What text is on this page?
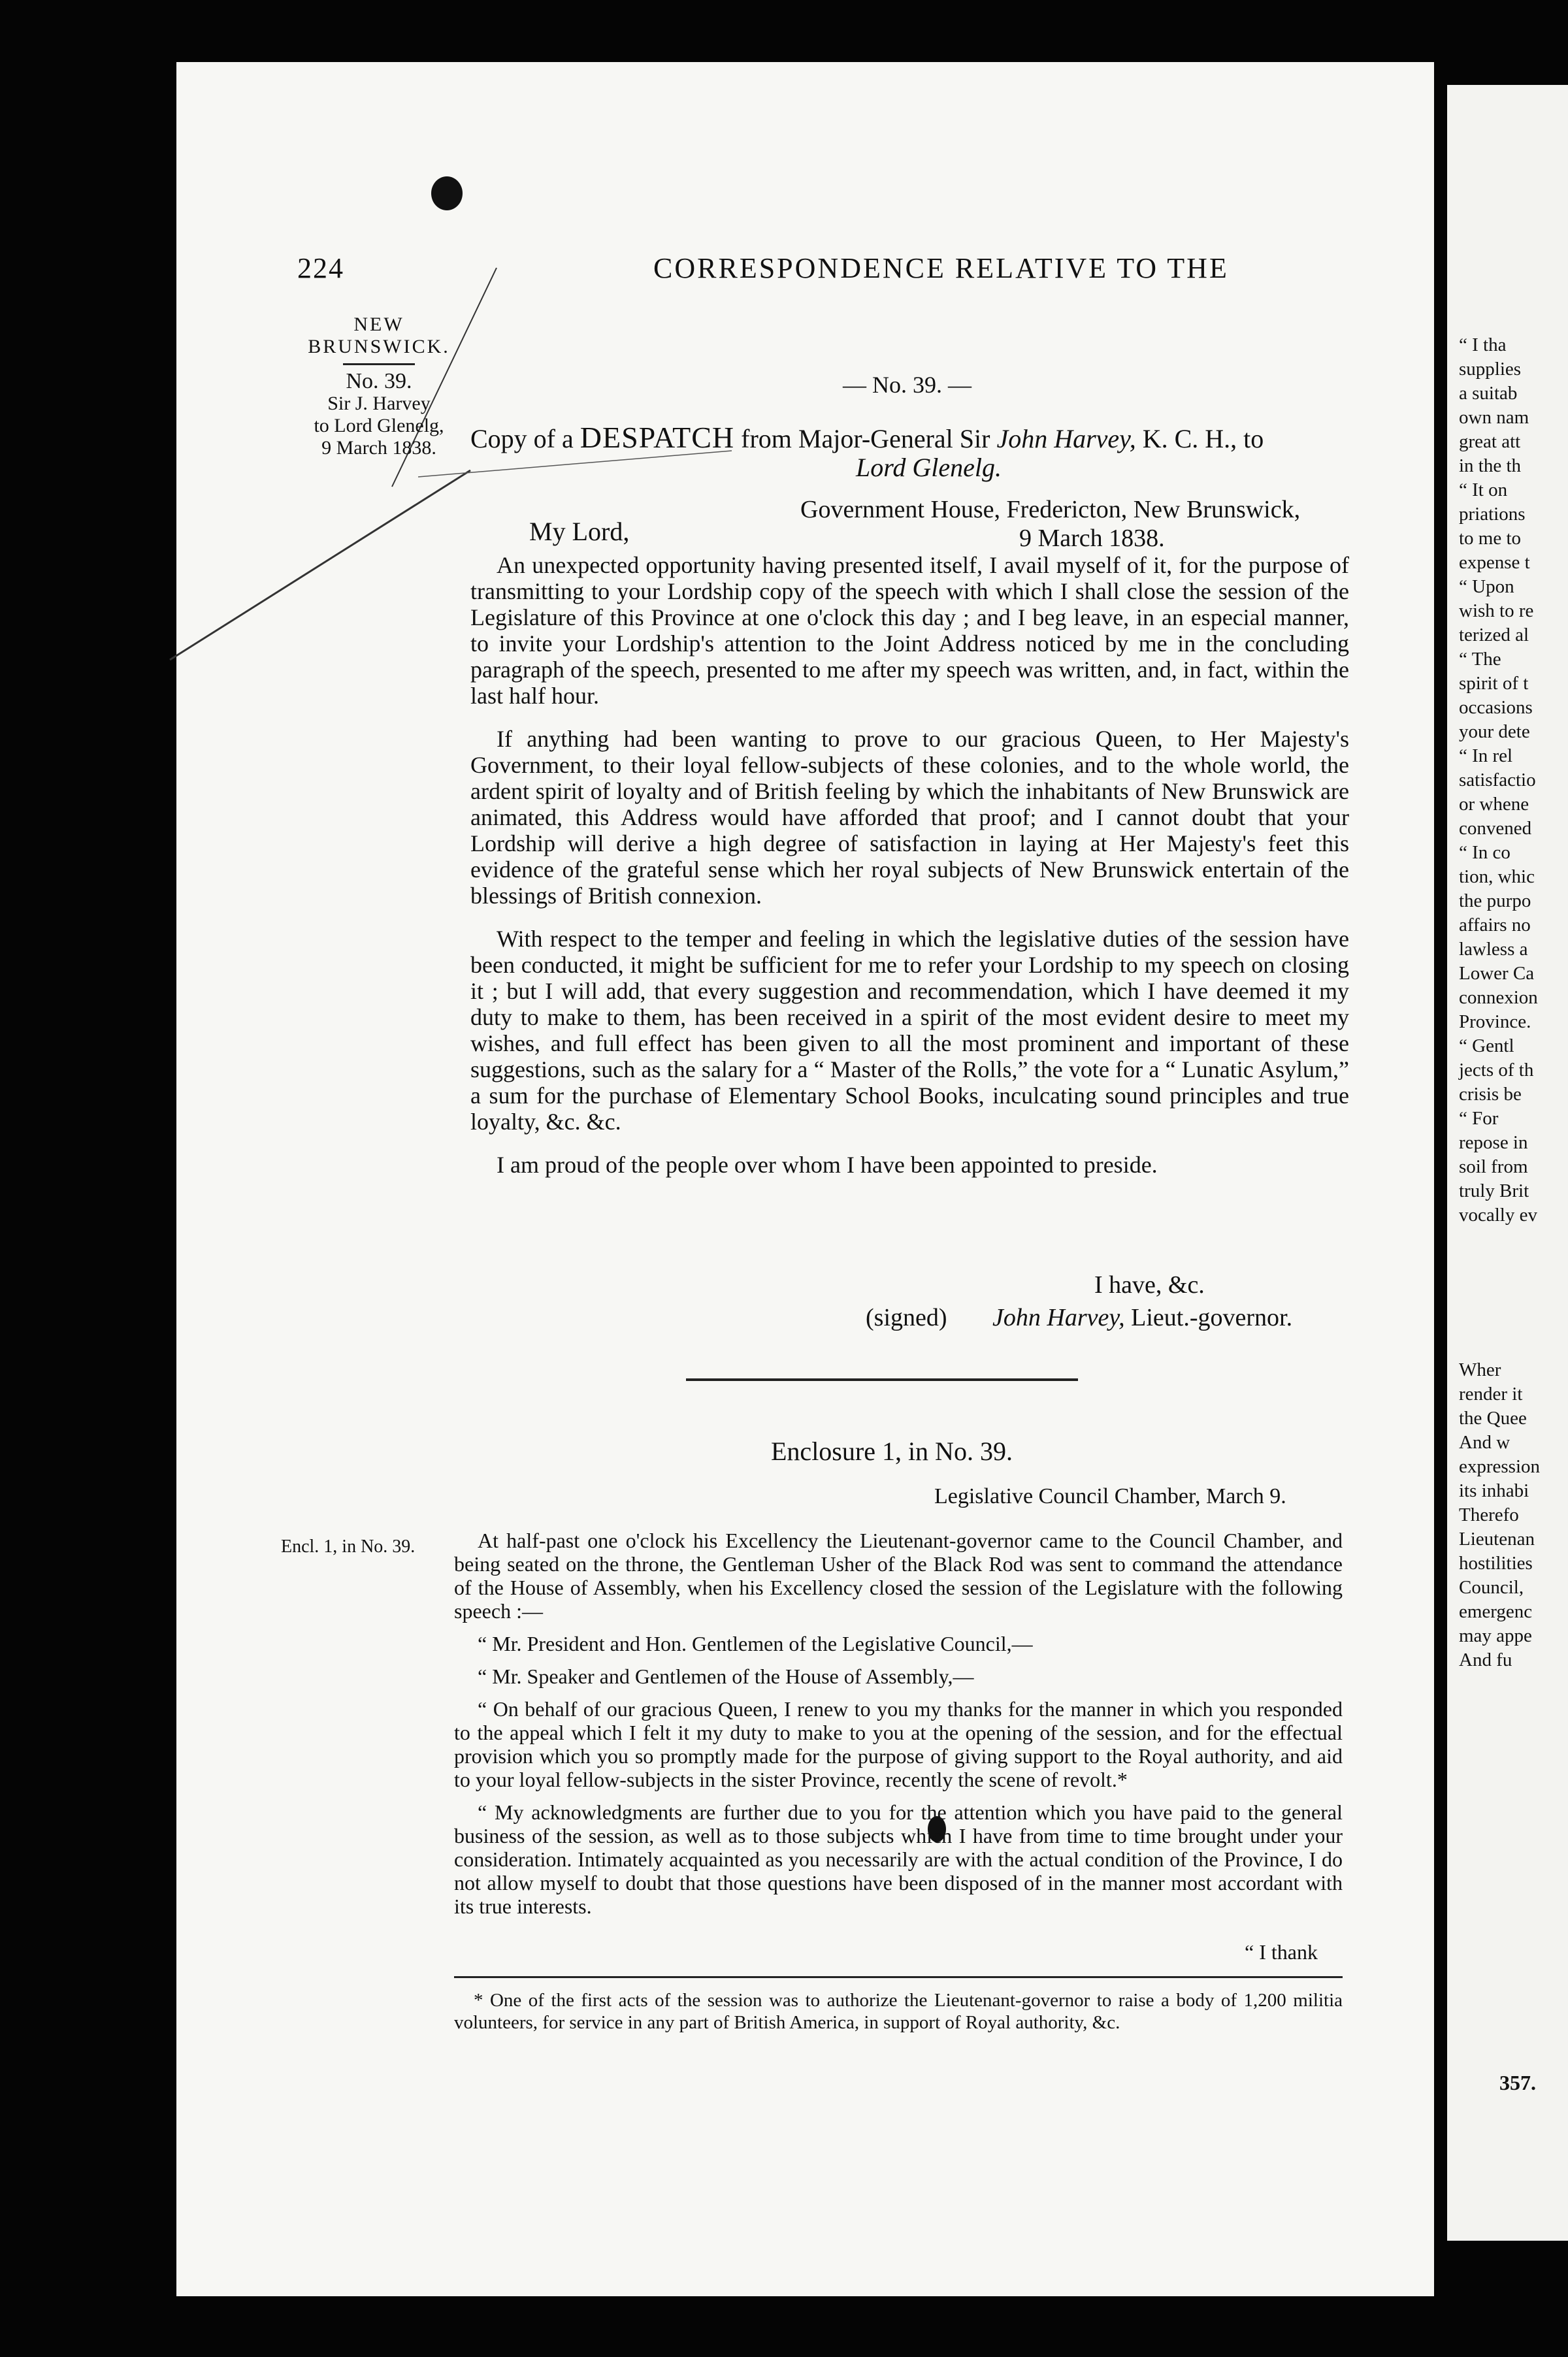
224	CORRESPONDENCE RELATIVE TO THE
NEW BRUNSWICK.
No. 39.
Sir J. Harvey
to Lord Glenelg,
9 March 1838.
— No. 39. —
Copy of a DESPATCH from Major-General Sir John Harvey, K. C. H., to
Lord Glenelg.
Government House, Fredericton, New Brunswick,
My Lord,	9 March 1838.

An unexpected opportunity having presented itself, I avail myself of it, for the purpose of transmitting to your Lordship copy of the speech with which I shall close the session of the Legislature of this Province at one o'clock this day ; and I beg leave, in an especial manner, to invite your Lordship's attention to the Joint Address noticed by me in the concluding paragraph of the speech, presented to me after my speech was written, and, in fact, within the last half hour.

If anything had been wanting to prove to our gracious Queen, to Her Majesty's Government, to their loyal fellow-subjects of these colonies, and to the whole world, the ardent spirit of loyalty and of British feeling by which the inhabitants of New Brunswick are animated, this Address would have afforded that proof; and I cannot doubt that your Lordship will derive a high degree of satisfaction in laying at Her Majesty's feet this evidence of the grateful sense which her royal subjects of New Brunswick entertain of the blessings of British connexion.

With respect to the temper and feeling in which the legislative duties of the session have been conducted, it might be sufficient for me to refer your Lordship to my speech on closing it ; but I will add, that every suggestion and recommendation, which I have deemed it my duty to make to them, has been received in a spirit of the most evident desire to meet my wishes, and full effect has been given to all the most prominent and important of these suggestions, such as the salary for a “ Master of the Rolls,” the vote for a “ Lunatic Asylum,” a sum for the purchase of Elementary School Books, inculcating sound principles and true loyalty, &c. &c.

I am proud of the people over whom I have been appointed to preside.

I have, &c.
(signed) John Harvey, Lieut.-governor.
Enclosure 1, in No. 39.
Legislative Council Chamber, March 9.
Encl. 1, in No. 39.	At half-past one o'clock his Excellency the Lieutenant-governor came to the Council Chamber, and being seated on the throne, the Gentleman Usher of the Black Rod was sent to command the attendance of the House of Assembly, when his Excellency closed the session of the Legislature with the following speech :—

“ Mr. President and Hon. Gentlemen of the Legislative Council,—

“ Mr. Speaker and Gentlemen of the House of Assembly,—

“ On behalf of our gracious Queen, I renew to you my thanks for the manner in which you responded to the appeal which I felt it my duty to make to you at the opening of the session, and for the effectual provision which you so promptly made for the purpose of giving support to the Royal authority, and aid to your loyal fellow-subjects in the sister Province, recently the scene of revolt.*

“ My acknowledgments are further due to you for the attention which you have paid to the general business of the session, as well as to those subjects which I have from time to time brought under your consideration. Intimately acquainted as you necessarily are with the actual condition of the Province, I do not allow myself to doubt that those questions have been disposed of in the manner most accordant with its true interests.

“ I thank

* One of the first acts of the session was to authorize the Lieutenant-governor to raise a body of 1,200 militia volunteers, for service in any part of British America, in support of Royal authority, &c.

“ I tha
supplies
a suitab
own nam
great att
in the th
“ It on
priations
to me to
expense t
“ Upon
wish to re
terized al
“ The
spirit of t
occasions
your dete
“ In rel
satisfactio
or whene
convened
“ In co
tion, whic
the purpo
affairs no
lawless a
Lower Ca
connexion
Province.
“ Gentl
jects of th
crisis be
“ For
repose in
soil from
truly Brit
vocally ev
Wher
render it
the Quee
And w
expression
its inhabi
Therefo
Lieutenan
hostilities
Council,
emergenc
may appe
And fu
357.
